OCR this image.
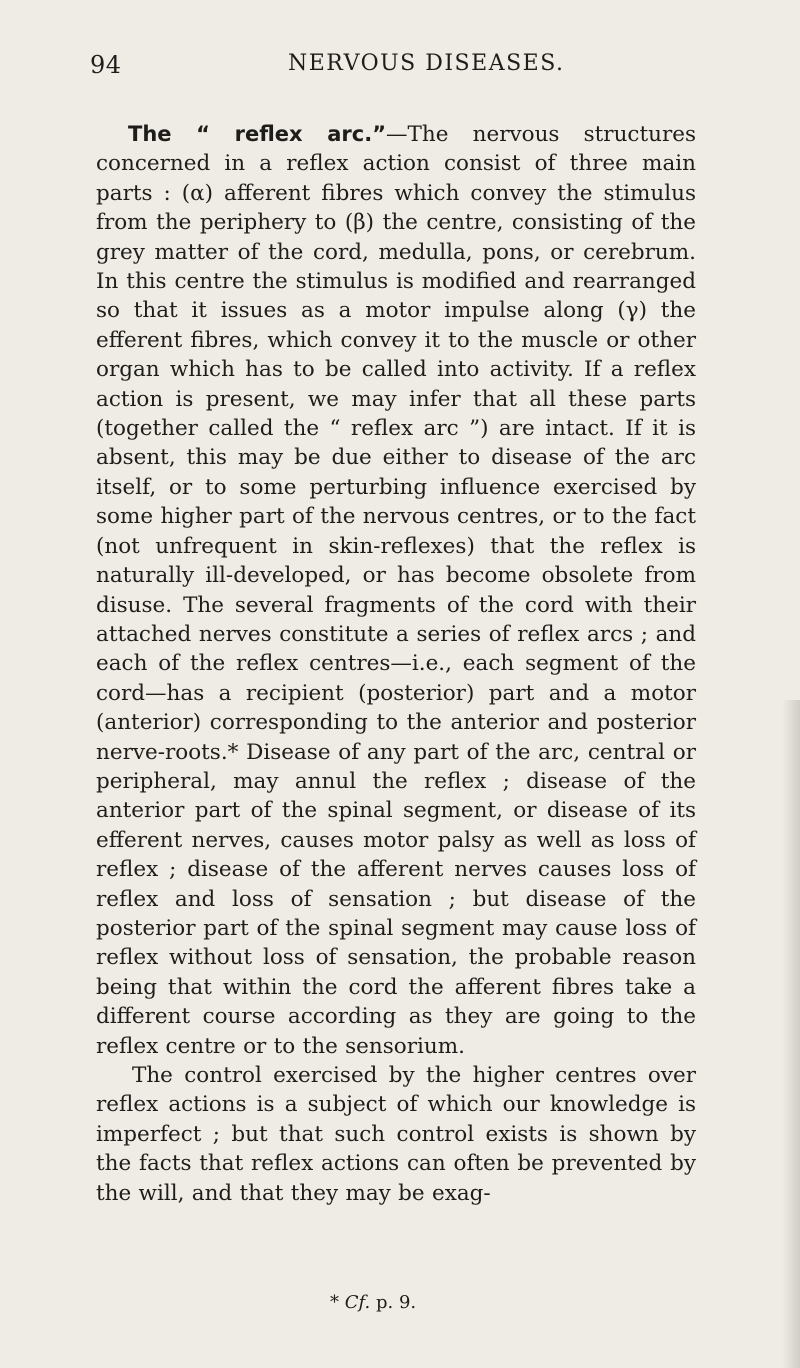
94	NERVOUS DISEASES.

The “ reflex arc.”—The nervous structures concerned in a reflex action consist of three main parts : (α) afferent fibres which convey the stimulus from the periphery to (β) the centre, consisting of the grey matter of the cord, medulla, pons, or cerebrum. In this centre the stimulus is modified and rearranged so that it issues as a motor impulse along (γ) the efferent fibres, which convey it to the muscle or other organ which has to be called into activity. If a reflex action is present, we may infer that all these parts (together called the “ reflex arc ”) are intact. If it is absent, this may be due either to disease of the arc itself, or to some perturbing influence exercised by some higher part of the nervous centres, or to the fact (not unfrequent in skin-reflexes) that the reflex is naturally ill-developed, or has become obsolete from disuse. The several fragments of the cord with their attached nerves constitute a series of reflex arcs ; and each of the reflex centres—i.e., each segment of the cord—has a recipient (posterior) part and a motor (anterior) corresponding to the anterior and posterior nerve-roots.* Disease of any part of the arc, central or peripheral, may annul the reflex ; disease of the anterior part of the spinal segment, or disease of its efferent nerves, causes motor palsy as well as loss of reflex ; disease of the afferent nerves causes loss of reflex and loss of sensation ; but disease of the posterior part of the spinal segment may cause loss of reflex without loss of sensation, the probable reason being that within the cord the afferent fibres take a different course according as they are going to the reflex centre or to the sensorium.

The control exercised by the higher centres over reflex actions is a subject of which our knowledge is imperfect ; but that such control exists is shown by the facts that reflex actions can often be prevented by the will, and that they may be exag-

* Cf. p. 9.
